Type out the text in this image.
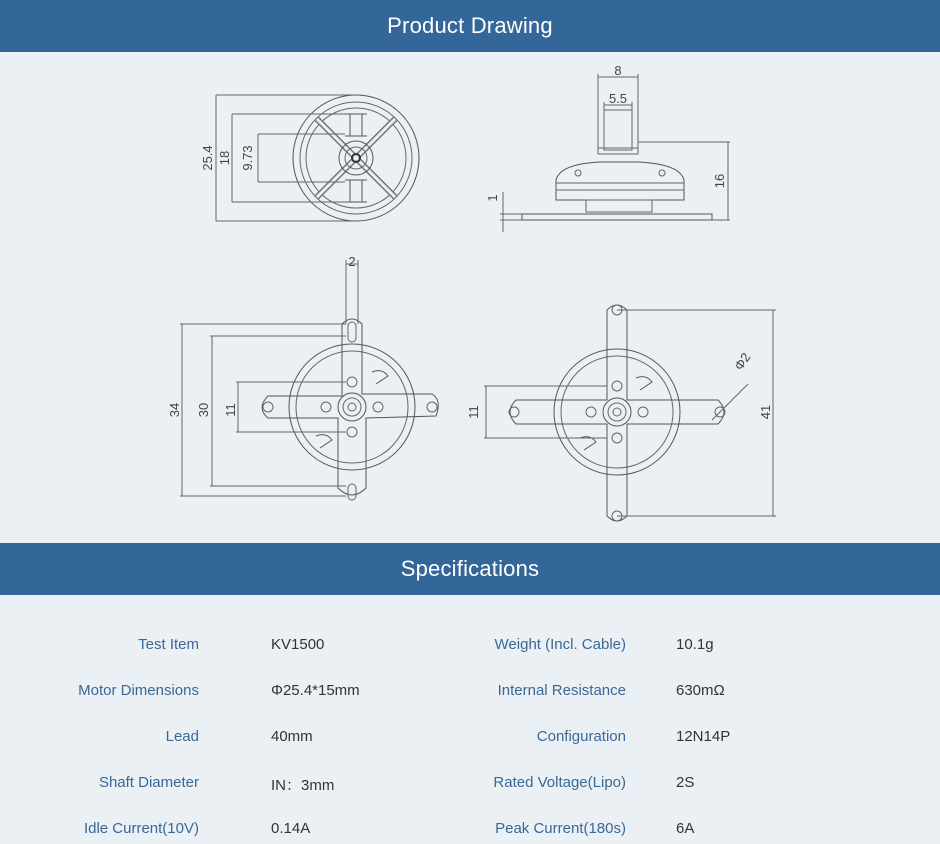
Product Drawing
25.4 18 9.73
8
5.5
16
1
2
34 30 11	11
Φ2
41
Specifications
Test Item	KV1500	Weight (Incl. Cable)	10.1g
Motor Dimensions	Φ25.4*15mm	Internal Resistance	630mΩ
Lead	40mm	Configuration	12N14P
Shaft Diameter	IN：3mm	Rated Voltage(Lipo)	2S
Idle Current(10V)	0.14A	Peak Current(180s)	6A
